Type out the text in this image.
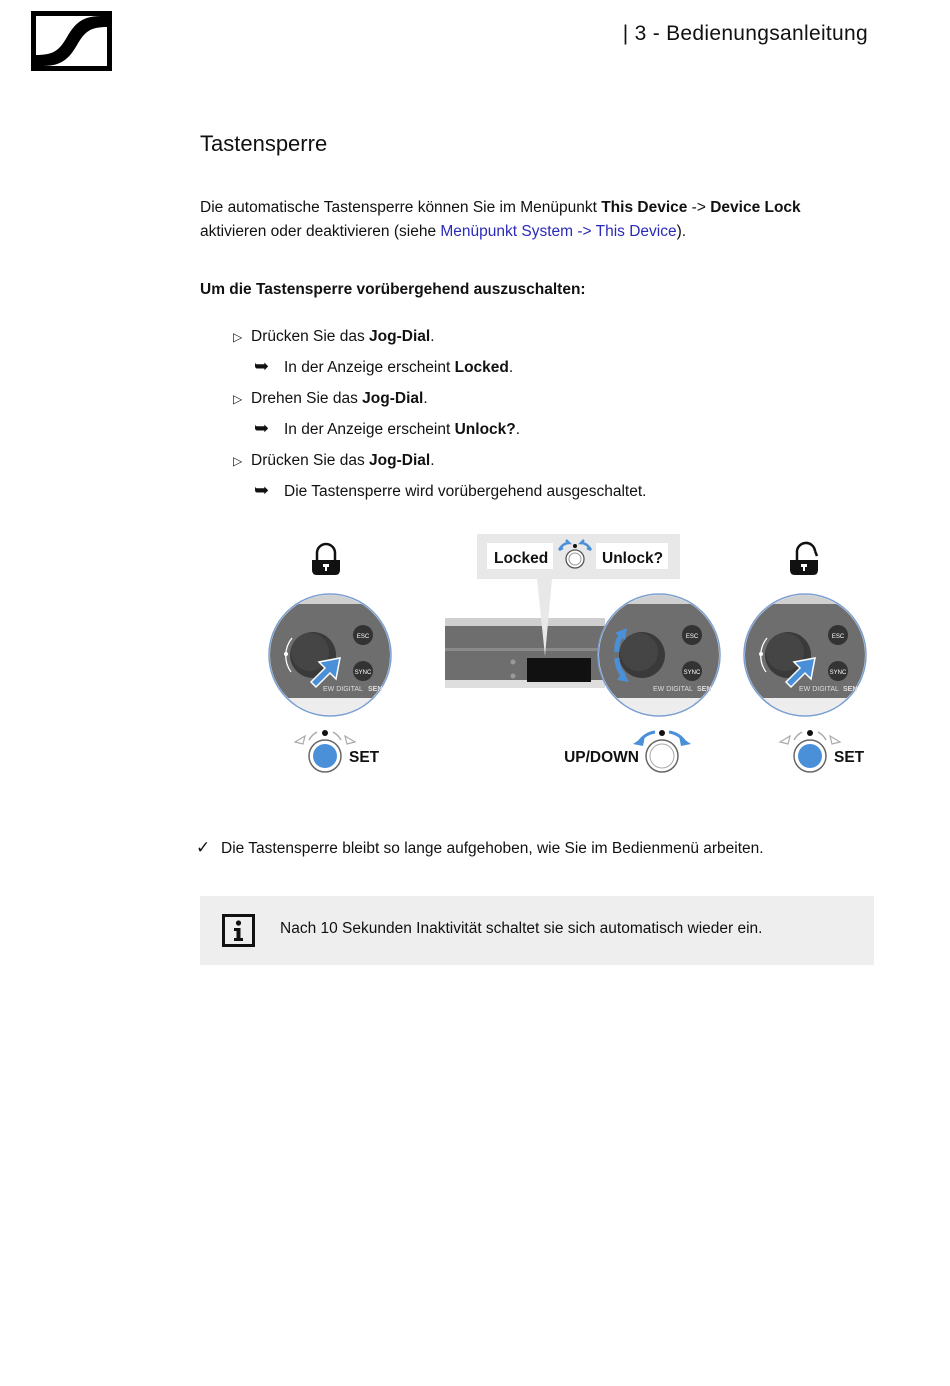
| 3 - Bedienungsanleitung
Tastensperre

Die automatische Tastensperre können Sie im Menüpunkt This Device -> Device Lock
aktivieren oder deaktivieren (siehe Menüpunkt System -> This Device).

Um die Tastensperre vorübergehend auszuschalten:

▷ Drücken Sie das Jog-Dial.
➥ In der Anzeige erscheint Locked.
▷ Drehen Sie das Jog-Dial.
➥ In der Anzeige erscheint Unlock?.
▷ Drücken Sie das Jog-Dial.
➥ Die Tastensperre wird vorübergehend ausgeschaltet.
ESC
SYNC
EW DIGITAL SEN
SET
Locked	Unlock?
ESC
SYNC
EW DIGITAL SEN
UP/DOWN
ESC
SYNC
EW DIGITAL SEN
SET
✓ Die Tastensperre bleibt so lange aufgehoben, wie Sie im Bedienmenü arbeiten.
Nach 10 Sekunden Inaktivität schaltet sie sich automatisch wieder ein.
